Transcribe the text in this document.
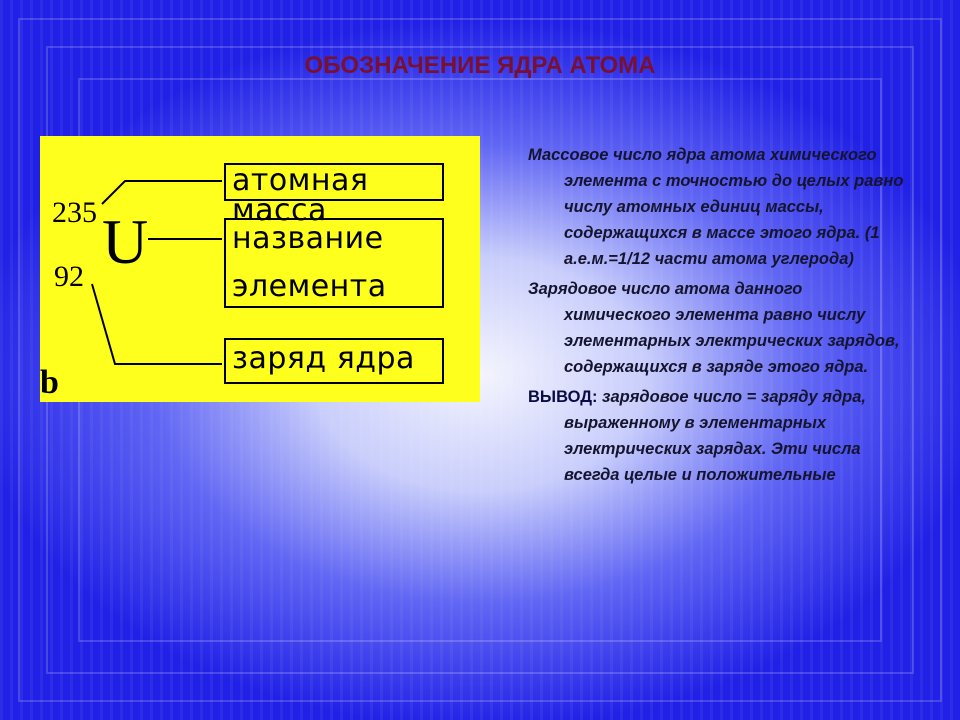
ОБОЗНАЧЕНИЕ ЯДРА АТОМА
235
92 U
b
атомная масса
название
элемента
заряд ядра

Массовое число ядра атома химического элемента с точностью до целых равно числу атомных единиц массы, содержащихся в массе этого ядра. (1 а.е.м.=1/12 части атома углерода)

Зарядовое число атома данного химического элемента равно числу элементарных электрических зарядов, содержащихся в заряде этого ядра.

ВЫВОД: зарядовое число = заряду ядра, выраженному в элементарных электрических зарядах. Эти числа всегда целые и положительные
